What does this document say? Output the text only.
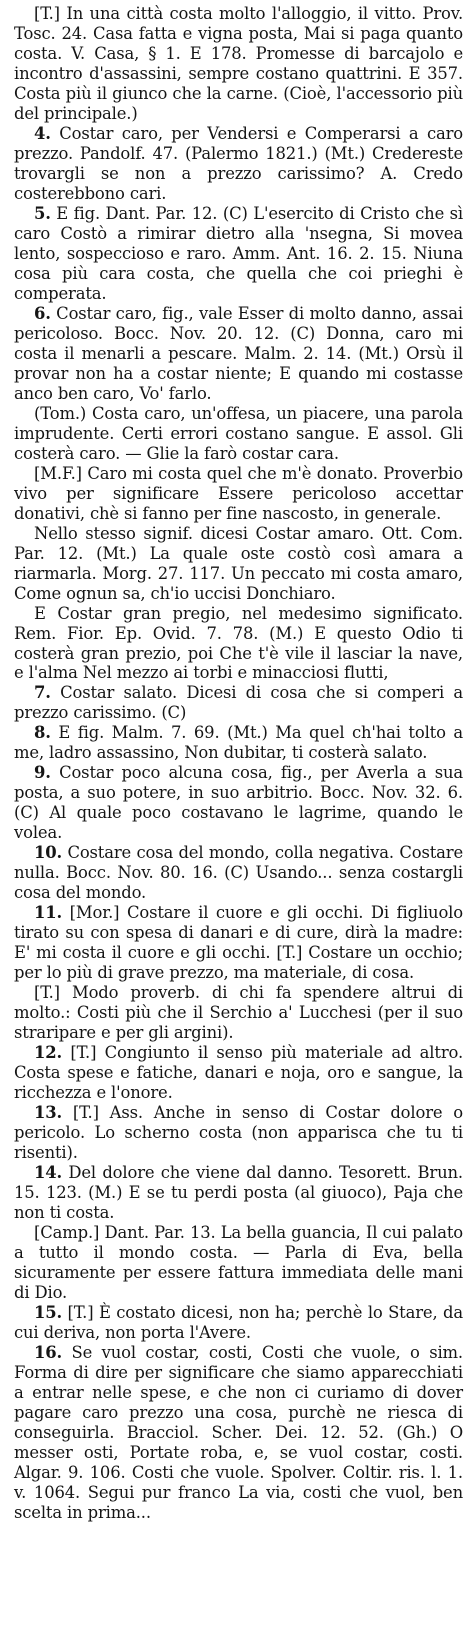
[T.] In una città costa molto l'alloggio, il vitto. Prov. Tosc. 24. Casa fatta e vigna posta, Mai si paga quanto costa. V. Casa, § 1. E 178. Promesse di barcajolo e incontro d'assassini, sempre costano quattrini. E 357. Costa più il giunco che la carne. (Cioè, l'accessorio più del principale.)

4. Costar caro, per Vendersi e Comperarsi a caro prezzo. Pandolf. 47. (Palermo 1821.) (Mt.) Credereste trovargli se non a prezzo carissimo? A. Credo costerebbono cari.

5. E fig. Dant. Par. 12. (C) L'esercito di Cristo che sì caro Costò a rimirar dietro alla 'nsegna, Si movea lento, sospeccioso e raro. Amm. Ant. 16. 2. 15. Niuna cosa più cara costa, che quella che coi prieghi è comperata.

6. Costar caro, fig., vale Esser di molto danno, assai pericoloso. Bocc. Nov. 20. 12. (C) Donna, caro mi costa il menarli a pescare. Malm. 2. 14. (Mt.) Orsù il provar non ha a costar niente; E quando mi costasse anco ben caro, Vo' farlo.

(Tom.) Costa caro, un'offesa, un piacere, una parola imprudente. Certi errori costano sangue. E assol. Gli costerà caro. — Glie la farò costar cara.

[M.F.] Caro mi costa quel che m'è donato. Proverbio vivo per significare Essere pericoloso accettar donativi, chè si fanno per fine nascosto, in generale.

Nello stesso signif. dicesi Costar amaro. Ott. Com. Par. 12. (Mt.) La quale oste costò così amara a riarmarla. Morg. 27. 117. Un peccato mi costa amaro, Come ognun sa, ch'io uccisi Donchiaro.

E Costar gran pregio, nel medesimo significato. Rem. Fior. Ep. Ovid. 7. 78. (M.) E questo Odio ti costerà gran prezio, poi Che t'è vile il lasciar la nave, e l'alma Nel mezzo ai torbi e minacciosi flutti,

7. Costar salato. Dicesi di cosa che si comperi a prezzo carissimo. (C)

8. E fig. Malm. 7. 69. (Mt.) Ma quel ch'hai tolto a me, ladro assassino, Non dubitar, ti costerà salato.

9. Costar poco alcuna cosa, fig., per Averla a sua posta, a suo potere, in suo arbitrio. Bocc. Nov. 32. 6. (C) Al quale poco costavano le lagrime, quando le volea.

10. Costare cosa del mondo, colla negativa. Costare nulla. Bocc. Nov. 80. 16. (C) Usando... senza costargli cosa del mondo.

11. [Mor.] Costare il cuore e gli occhi. Di figliuolo tirato su con spesa di danari e di cure, dirà la madre: E' mi costa il cuore e gli occhi. [T.] Costare un occhio; per lo più di grave prezzo, ma materiale, di cosa.

[T.] Modo proverb. di chi fa spendere altrui di molto.: Costi più che il Serchio a' Lucchesi (per il suo straripare e per gli argini).

12. [T.] Congiunto il senso più materiale ad altro. Costa spese e fatiche, danari e noja, oro e sangue, la ricchezza e l'onore.

13. [T.] Ass. Anche in senso di Costar dolore o pericolo. Lo scherno costa (non apparisca che tu ti risenti).

14. Del dolore che viene dal danno. Tesorett. Brun. 15. 123. (M.) E se tu perdi posta (al giuoco), Paja che non ti costa.

[Camp.] Dant. Par. 13. La bella guancia, Il cui palato a tutto il mondo costa. — Parla di Eva, bella sicuramente per essere fattura immediata delle mani di Dio.

15. [T.] È costato dicesi, non ha; perchè lo Stare, da cui deriva, non porta l'Avere.

16. Se vuol costar, costi, Costi che vuole, o sim. Forma di dire per significare che siamo apparecchiati a entrar nelle spese, e che non ci curiamo di dover pagare caro prezzo una cosa, purchè ne riesca di conseguirla. Bracciol. Scher. Dei. 12. 52. (Gh.) O messer osti, Portate roba, e, se vuol costar, costi. Algar. 9. 106. Costi che vuole. Spolver. Coltir. ris. l. 1. v. 1064. Segui pur franco La via, costi che vuol, ben scelta in prima...
